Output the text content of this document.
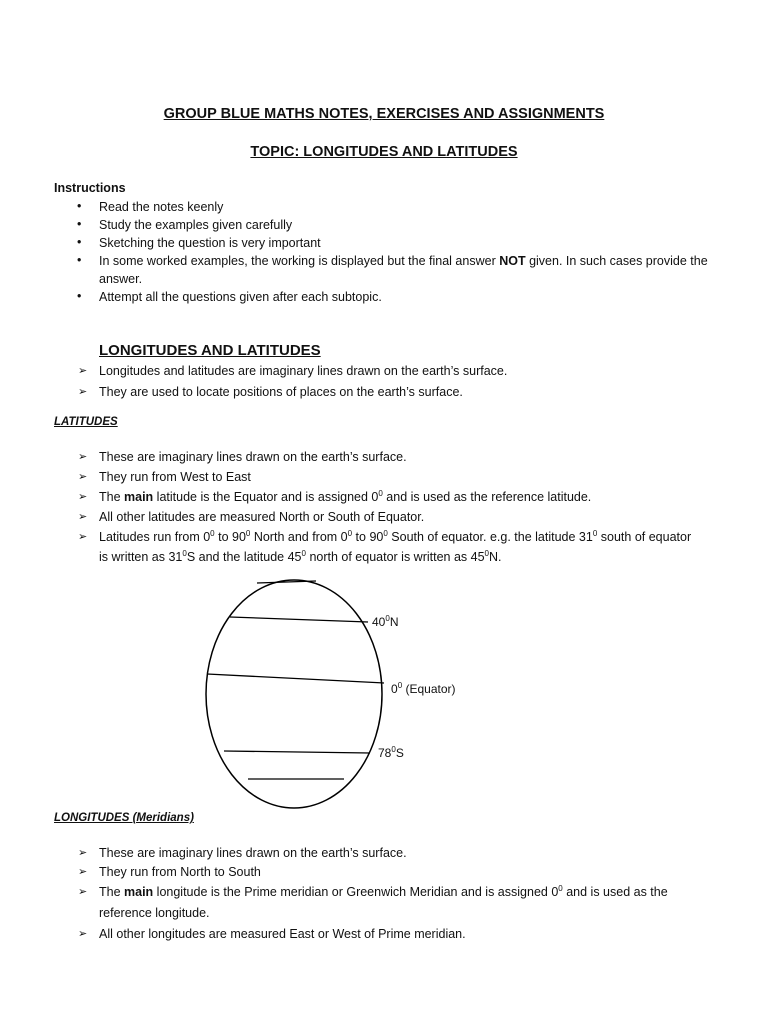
GROUP BLUE MATHS NOTES, EXERCISES AND ASSIGNMENTS
TOPIC: LONGITUDES AND LATITUDES
Instructions
• Read the notes keenly
• Study the examples given carefully
• Sketching the question is very important
• In some worked examples, the working is displayed but the final answer NOT given. In such cases provide the
answer.
• Attempt all the questions given after each subtopic.
LONGITUDES AND LATITUDES
➢ Longitudes and latitudes are imaginary lines drawn on the earth’s surface.
➢ They are used to locate positions of places on the earth’s surface.
LATITUDES
➢ These are imaginary lines drawn on the earth’s surface.
➢ They run from West to East
➢ The main latitude is the Equator and is assigned $0^0$ and is used as the reference latitude.
➢ All other latitudes are measured North or South of Equator.
➢ Latitudes run from $0^0$ to $90^0$ North and from $0^0$ to $90^0$ South of equator. e.g. the latitude $31^0$ south of equator
is written as $31^0S$ and the latitude $45^0$ north of equator is written as $45^0N$.
$40^0N$
$0^0$ (Equator)
$78^0S$
LONGITUDES (Meridians)
➢ These are imaginary lines drawn on the earth’s surface.
➢ They run from North to South
➢ The main longitude is the Prime meridian or Greenwich Meridian and is assigned $0^0$ and is used as the
reference longitude.
➢ All other longitudes are measured East or West of Prime meridian.
